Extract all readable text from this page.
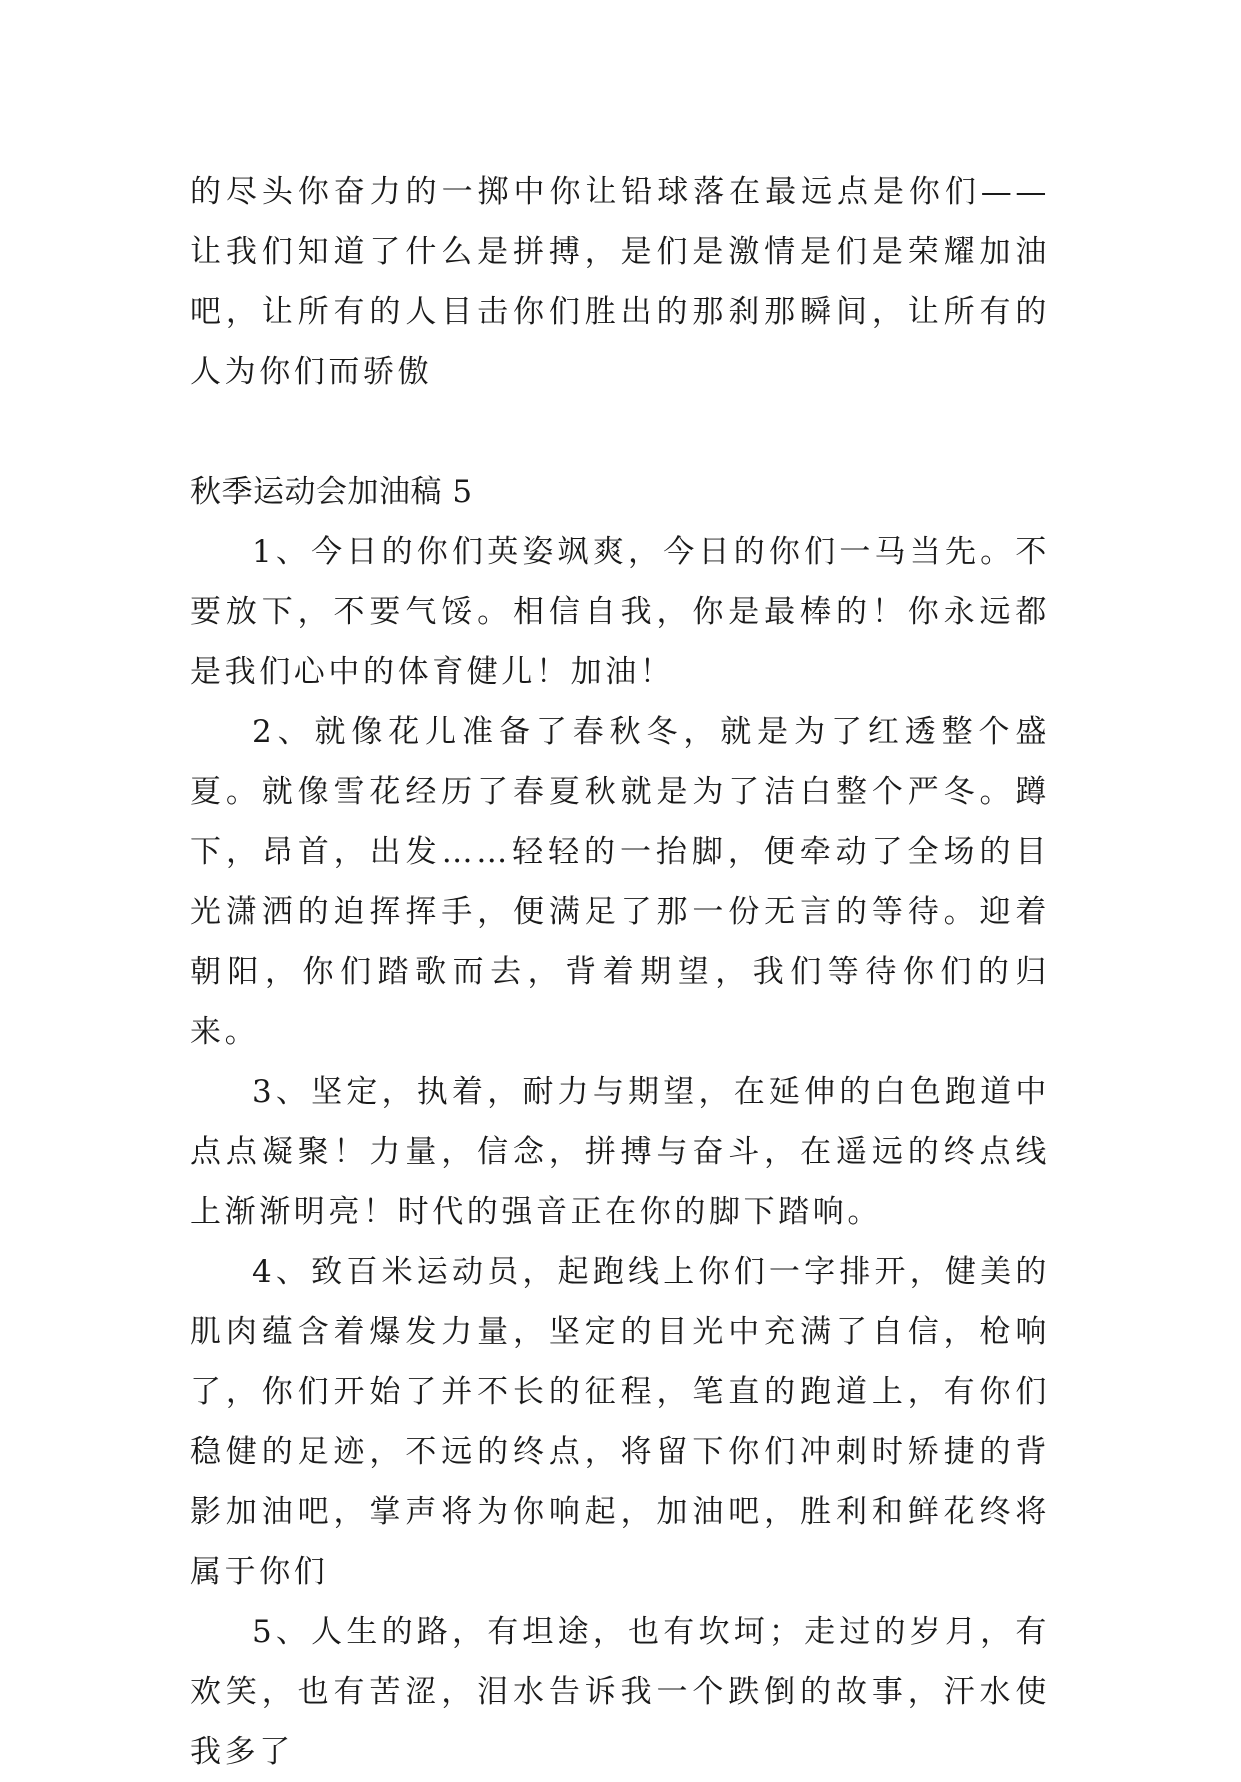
的尽头你奋力的一掷中你让铅球落在最远点是你们——让我们知道了什么是拼搏，是们是激情是们是荣耀加油吧，让所有的人目击你们胜出的那刹那瞬间，让所有的人为你们而骄傲

秋季运动会加油稿 5

1、今日的你们英姿飒爽，今日的你们一马当先。不要放下，不要气馁。相信自我，你是最棒的！你永远都是我们心中的体育健儿！加油！

2、就像花儿准备了春秋冬，就是为了红透整个盛夏。就像雪花经历了春夏秋就是为了洁白整个严冬。蹲下，昂首，出发……轻轻的一抬脚，便牵动了全场的目光潇洒的迫挥挥手，便满足了那一份无言的等待。迎着朝阳，你们踏歌而去，背着期望，我们等待你们的归来。

3、坚定，执着，耐力与期望，在延伸的白色跑道中点点凝聚！力量，信念，拼搏与奋斗，在遥远的终点线上渐渐明亮！时代的强音正在你的脚下踏响。

4、致百米运动员，起跑线上你们一字排开，健美的肌肉蕴含着爆发力量，坚定的目光中充满了自信，枪响了，你们开始了并不长的征程，笔直的跑道上，有你们稳健的足迹，不远的终点，将留下你们冲刺时矫捷的背影加油吧，掌声将为你响起，加油吧，胜利和鲜花终将属于你们

5、人生的路，有坦途，也有坎坷；走过的岁月，有欢笑，也有苦涩，泪水告诉我一个跌倒的故事，汗水使我多了
